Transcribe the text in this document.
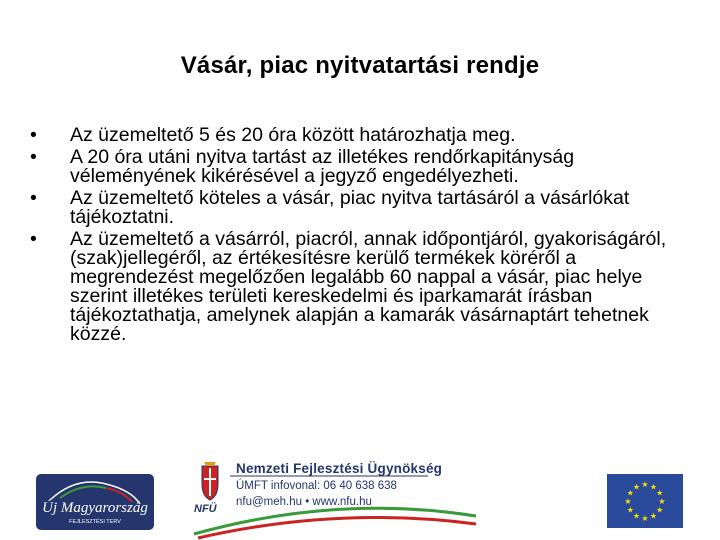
Vásár, piac nyitvatartási rendje
• Az üzemeltető 5 és 20 óra között határozhatja meg.
• A 20 óra utáni nyitva tartást az illetékes rendőrkapitányság véleményének kikérésével a jegyző engedélyezheti.
• Az üzemeltető köteles a vásár, piac nyitva tartásáról a vásárlókat tájékoztatni.
• Az üzemeltető a vásárról, piacról, annak időpontjáról, gyakoriságáról, (szak)jellegéről, az értékesítésre kerülő termékek köréről a megrendezést megelőzően legalább 60 nappal a vásár, piac helye szerint illetékes területi kereskedelmi és iparkamarát írásban tájékoztathatja, amelynek alapján a kamarák vásárnaptárt tehetnek közzé.
Új Magyarország
FEJLESZTÉSI TERV
Nemzeti Fejlesztési Ügynökség
ÚMFT infovonal: 06 40 638 638
nfu@meh.hu • www.nfu.hu
NFÜ
★ ★
★
★
★
★
★
★
★
★
★
★
